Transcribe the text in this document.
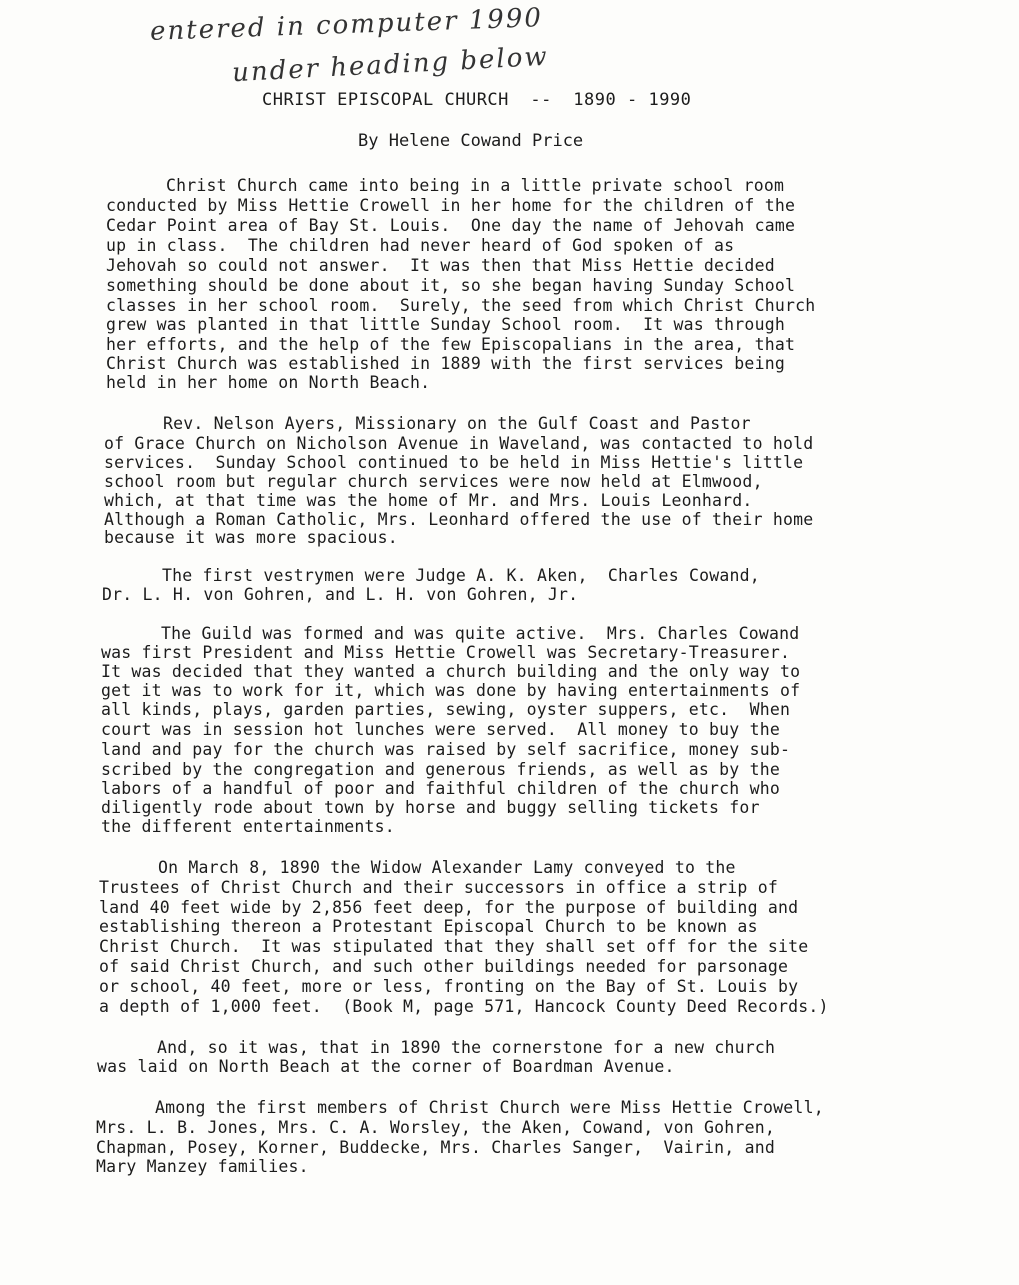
entered in computer 1990
under heading below
CHRIST EPISCOPAL CHURCH  --  1890 - 1990
By Helene Cowand Price
Christ Church came into being in a little private school room
conducted by Miss Hettie Crowell in her home for the children of the
Cedar Point area of Bay St. Louis.  One day the name of Jehovah came
up in class.  The children had never heard of God spoken of as
Jehovah so could not answer.  It was then that Miss Hettie decided
something should be done about it, so she began having Sunday School
classes in her school room.  Surely, the seed from which Christ Church
grew was planted in that little Sunday School room.  It was through
her efforts, and the help of the few Episcopalians in the area, that
Christ Church was established in 1889 with the first services being
held in her home on North Beach.
Rev. Nelson Ayers, Missionary on the Gulf Coast and Pastor
of Grace Church on Nicholson Avenue in Waveland, was contacted to hold
services.  Sunday School continued to be held in Miss Hettie's little
school room but regular church services were now held at Elmwood,
which, at that time was the home of Mr. and Mrs. Louis Leonhard.
Although a Roman Catholic, Mrs. Leonhard offered the use of their home
because it was more spacious.
The first vestrymen were Judge A. K. Aken,  Charles Cowand,
Dr. L. H. von Gohren, and L. H. von Gohren, Jr.
The Guild was formed and was quite active.  Mrs. Charles Cowand
was first President and Miss Hettie Crowell was Secretary-Treasurer.
It was decided that they wanted a church building and the only way to
get it was to work for it, which was done by having entertainments of
all kinds, plays, garden parties, sewing, oyster suppers, etc.  When
court was in session hot lunches were served.  All money to buy the
land and pay for the church was raised by self sacrifice, money sub-
scribed by the congregation and generous friends, as well as by the
labors of a handful of poor and faithful children of the church who
diligently rode about town by horse and buggy selling tickets for
the different entertainments.
On March 8, 1890 the Widow Alexander Lamy conveyed to the
Trustees of Christ Church and their successors in office a strip of
land 40 feet wide by 2,856 feet deep, for the purpose of building and
establishing thereon a Protestant Episcopal Church to be known as
Christ Church.  It was stipulated that they shall set off for the site
of said Christ Church, and such other buildings needed for parsonage
or school, 40 feet, more or less, fronting on the Bay of St. Louis by
a depth of 1,000 feet.  (Book M, page 571, Hancock County Deed Records.)
And, so it was, that in 1890 the cornerstone for a new church
was laid on North Beach at the corner of Boardman Avenue.
Among the first members of Christ Church were Miss Hettie Crowell,
Mrs. L. B. Jones, Mrs. C. A. Worsley, the Aken, Cowand, von Gohren,
Chapman, Posey, Korner, Buddecke, Mrs. Charles Sanger,  Vairin, and
Mary Manzey families.
